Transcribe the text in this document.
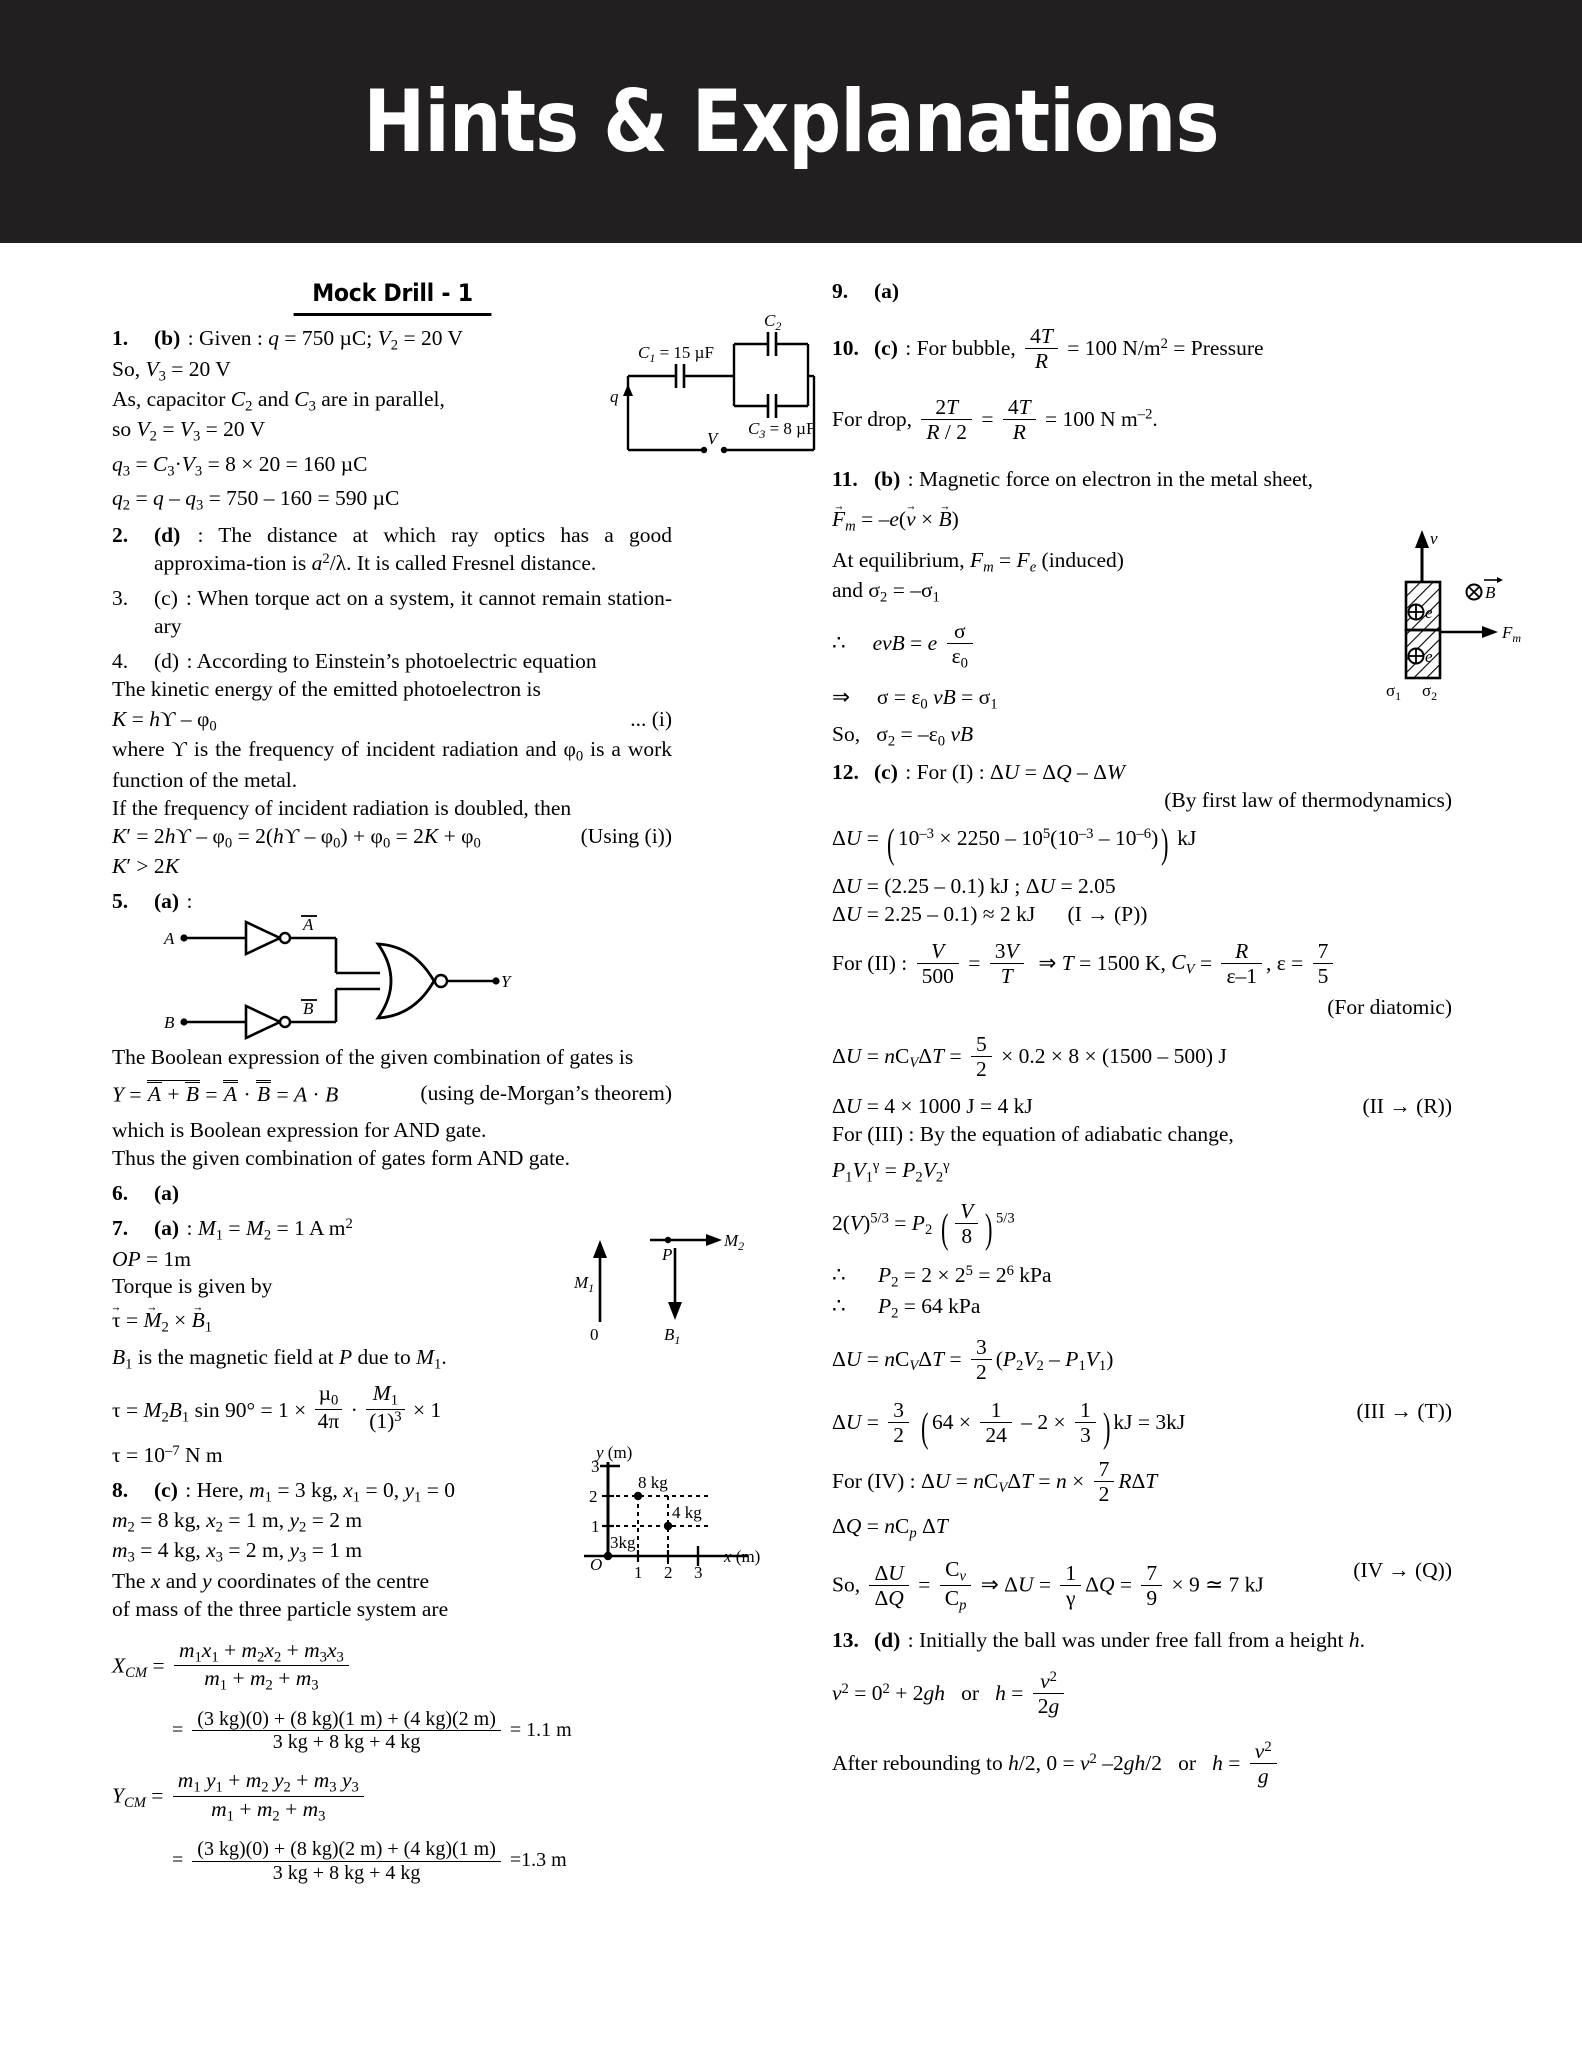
Hints & Explanations
Mock Drill - 1
1.	(b) : Given : q = 750 µC; $V_2 = 20$ V

So, $V_3 = 20$ V

As, capacitor $C_2$ and $C_3$ are in parallel,

so $V_2 = V_3 = 20$ V

$q_3 = C_3\cdot V_3 = 8 \times 20 = 160$ µC

$q_2 = q - q_3 = 750 - 160 = 590$ µC

2.	(d) : The distance at which ray optics has a good approxima-tion is $a^2/\lambda$. It is called Fresnel distance.
3.	(c) : When torque act on a system, it cannot remain station-ary
4.	(d) : According to Einstein’s photoelectric equation

The kinetic energy of the emitted photoelectron is

$K = hϒ - \varphi_0$	... (i)

where ϒ is the frequency of incident radiation and $\varphi_0$ is a work function of the metal.

If the frequency of incident radiation is doubled, then

$K' = 2hϒ - \varphi_0 = 2(hϒ - \varphi_0) + \varphi_0 = 2K + \varphi_0$	(Using (i))

K′ > 2K

5.	(a) :
A
B
Y
A
B

The Boolean expression of the given combination of gates is

Y = A + B = A · B = A · B	(using de-Morgan’s theorem)

which is Boolean expression for AND gate.

Thus the given combination of gates form AND gate.

6.	(a)
7.	(a) : $M_1 = M_2 = 1$ A $m^2$

OP = 1m

Torque is given by

τ → = $M \to_2 \times B \to_1$

$B_1$ is the magnetic field at P due to $M_1$.

$\tau = M_2B_1$ $\sin 90^\circ = 1 \times \frac{\mu_0}{4\pi} \cdot \frac{M_1}{(1)^3} \times 1$

$\tau = 10^{-7}$ N m

8.	(c) : Here, $m_1 = 3$ kg, $x_1 = 0$, $y_1 = 0$

$m_2 = 8$ kg, $x_2 = 1$ m, $y_2 = 2$ m

$m_3 = 4$ kg, $x_3 = 2$ m, $y_3 = 1$ m

The x and y coordinates of the centre of mass of the three particle system are

$X_{CM} = \frac{m_1x_1 + m_2x_2 + m_3x_3}{m_1 + m_2 + m_3}$

= $\frac{(3 kg)(0) + (8 kg)(1 m) + (4 kg)(2 m)}{3 kg + 8 kg + 4 kg} = 1.1$ m

$Y_{CM} = \frac{m_1 y_1 + m_2 y_2 + m_3 y_3}{m_1 + m_2 + m_3}$

= $\frac{(3 kg)(0) + (8 kg)(2 m) + (4 kg)(1 m)}{3 kg + 8 kg + 4 kg} =1.3$ m

9.	(a)
10. (c) : For bubble, $\frac{4T}{R} = 100$ $N/m^2$ = Pressure

For drop, $\frac{2T}{R / 2} = \frac{4T}{R} = 100$ N $m^{-2}$.

11. (b) : Magnetic force on electron in the metal sheet,

$F \to_m = -e(v$ → × B →)

At equilibrium, $F_m = F_e$ (induced)

and $\sigma_2 = -\sigma_1$

∴     evB = e $\frac{\sigma}{\varepsilon_0}$

⇒     $\sigma = \varepsilon_0$ vB = $\sigma_1$

So,   $\sigma_2 = -\varepsilon_0$ vB

12. (c) : For (I) : ΔU = ΔQ – ΔW

(By first law of thermodynamics)

ΔU = ( $10^{-3} \times 2250 - 10^5(10^{-3} - 10^{-6})$) kJ

ΔU = (2.25 – 0.1) kJ ; ΔU = 2.05

ΔU = 2.25 – 0.1) ≈ 2 kJ      (I → (P))

For (II) : $\frac{V}{500} = \frac{3V}{T}$ ⇒ T = 1500 K, $C_V = \frac{R}{\varepsilon-1}$ , $\varepsilon = \frac{7}{5}$

(For diatomic)

$\Delta U = nC_V\Delta T = \frac{5}{2} \times 0.2 \times 8 \times (1500 - 500)$ J

ΔU = 4 × 1000 J = 4 kJ	(II → (R))

For (III) : By the equation of adiabatic change,

$P_1V_1^\gamma = P_2V_2^\gamma$

$2(V)^{5/3} = P_2$ ( $\frac{V}{8}$ ) $^{5/3}$

∴      $P_2 = 2 \times 2^5 = 2^6$ kPa

∴      $P_2 = 64$ kPa

$\Delta U = nC_V\Delta T = \frac{3}{2} (P_2V_2 - P_1V_1)$

$\Delta U = \frac{3}{2}$ ( $64 \times \frac{1}{24} - 2 \times \frac{1}{3}$ ) kJ = 3kJ	(III → (T))

For (IV) : $\Delta U = nC_V\Delta T = n \times \frac{7}{2}$ RΔT

$\Delta Q = nC_p$ ΔT

So, $\frac{\Delta U}{\Delta Q} = \frac{C_v}{C_p}$ ⇒ $\Delta U = \frac{1}{\gamma}$ $\Delta Q = \frac{7}{9} \times 9$ ≃ 7 kJ
(IV → (Q))

13. (d) : Initially the ball was under free fall from a height h.

$v^2 = 0^2 + 2gh$   or   $h = \frac{v^2}{2g}$

After rebounding to h/2, $0 = v^2$ –2gh/2   or   $h = \frac{v^2}{g}$

q
$C_1 = 15$ µF
$C_2$
$C_3 = 8$ µF
V
$M_1$
0
$M_2$
P
$B_1$
y (m)
x (m)
3
2
1
1 2 3
O
8 kg
4 kg
3kg
v
e
e
B
$F_m$
$\sigma_1$ $\sigma_2$
